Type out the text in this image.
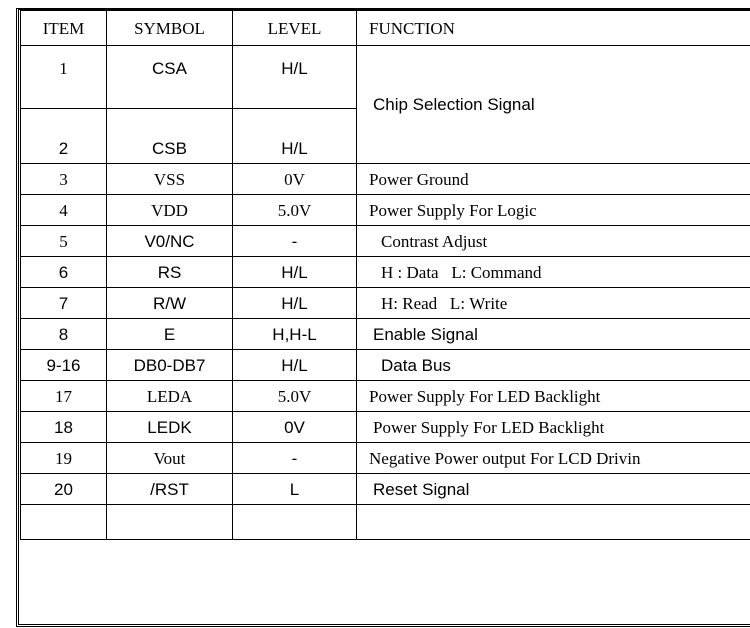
ITEM	SYMBOL	LEVEL	FUNCTION
1	CSA	H/L	Chip Selection Signal
2	CSB	H/L	
3	VSS	0V	Power Ground
4	VDD	5.0V	Power Supply For Logic
5	V0/NC	-	Contrast Adjust
6	RS	H/L	H : Data   L: Command
7	R/W	H/L	H: Read   L: Write
8	E	H,H-L	Enable Signal
9-16	DB0-DB7	H/L	Data Bus
17	LEDA	5.0V	Power Supply For LED Backlight
18	LEDK	0V	Power Supply For LED Backlight
19	Vout	-	Negative Power output For LCD Drivin
20	/RST	L	Reset Signal
